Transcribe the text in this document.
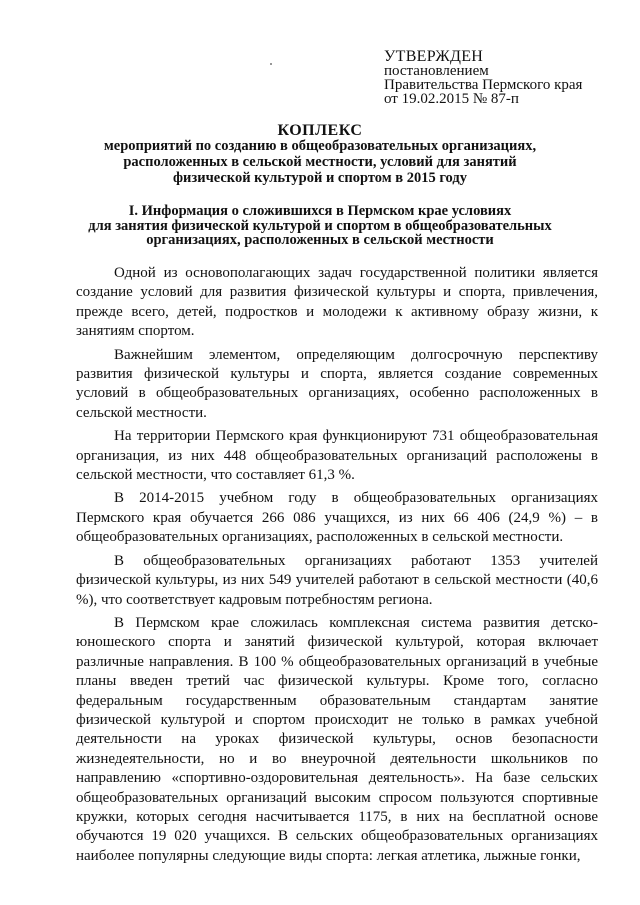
УТВЕРЖДЕН
постановлением
Правительства Пермского края
от 19.02.2015 № 87-п
КОПЛЕКС
мероприятий по созданию в общеобразовательных организациях,
расположенных в сельской местности, условий для занятий
физической культурой и спортом в 2015 году
I. Информация о сложившихся в Пермском крае условиях
для занятия физической культурой и спортом в общеобразовательных
организациях, расположенных в сельской местности

Одной из основополагающих задач государственной политики является создание условий для развития физической культуры и спорта, привлечения, прежде всего, детей, подростков и молодежи к активному образу жизни, к занятиям спортом.

Важнейшим элементом, определяющим долгосрочную перспективу развития физической культуры и спорта, является создание современных условий в общеобразовательных организациях, особенно расположенных в сельской местности.

На территории Пермского края функционируют 731 общеобразовательная организация, из них 448 общеобразовательных организаций расположены в сельской местности, что составляет 61,3 %.

В 2014-2015 учебном году в общеобразовательных организациях Пермского края обучается 266 086 учащихся, из них 66 406 (24,9 %) – в общеобразовательных организациях, расположенных в сельской местности.

В общеобразовательных организациях работают 1353 учителей физической культуры, из них 549 учителей работают в сельской местности (40,6 %), что соответствует кадровым потребностям региона.

В Пермском крае сложилась комплексная система развития детско-юношеского спорта и занятий физической культурой, которая включает различные направления. В 100 % общеобразовательных организаций в учебные планы введен третий час физической культуры. Кроме того, согласно федеральным государственным образовательным стандартам занятие физической культурой и спортом происходит не только в рамках учебной деятельности на уроках физической культуры, основ безопасности жизнедеятельности, но и во внеурочной деятельности школьников по направлению «спортивно-оздоровительная деятельность». На базе сельских общеобразовательных организаций высоким спросом пользуются спортивные кружки, которых сегодня насчитывается 1175, в них на бесплатной основе обучаются 19 020 учащихся. В сельских общеобразовательных организациях наиболее популярны следующие виды спорта: легкая атлетика, лыжные гонки,
